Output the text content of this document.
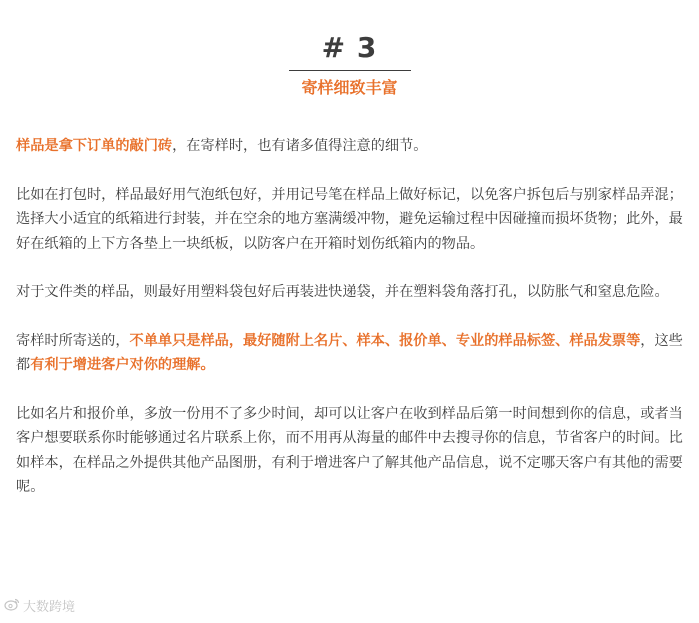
# 3
寄样细致丰富

样品是拿下订单的敲门砖，在寄样时，也有诸多值得注意的细节。

比如在打包时，样品最好用气泡纸包好，并用记号笔在样品上做好标记，以免客户拆包后与别家样品弄混；选择大小适宜的纸箱进行封装，并在空余的地方塞满缓冲物，避免运输过程中因碰撞而损坏货物；此外，最好在纸箱的上下方各垫上一块纸板，以防客户在开箱时划伤纸箱内的物品。

对于文件类的样品，则最好用塑料袋包好后再装进快递袋，并在塑料袋角落打孔，以防胀气和窒息危险。

寄样时所寄送的，不单单只是样品，最好随附上名片、样本、报价单、专业的样品标签、样品发票等，这些都有利于增进客户对你的理解。

比如名片和报价单，多放一份用不了多少时间，却可以让客户在收到样品后第一时间想到你的信息，或者当客户想要联系你时能够通过名片联系上你，而不用再从海量的邮件中去搜寻你的信息，节省客户的时间。比如样本，在样品之外提供其他产品图册，有利于增进客户了解其他产品信息，说不定哪天客户有其他的需要呢。

大数跨境
